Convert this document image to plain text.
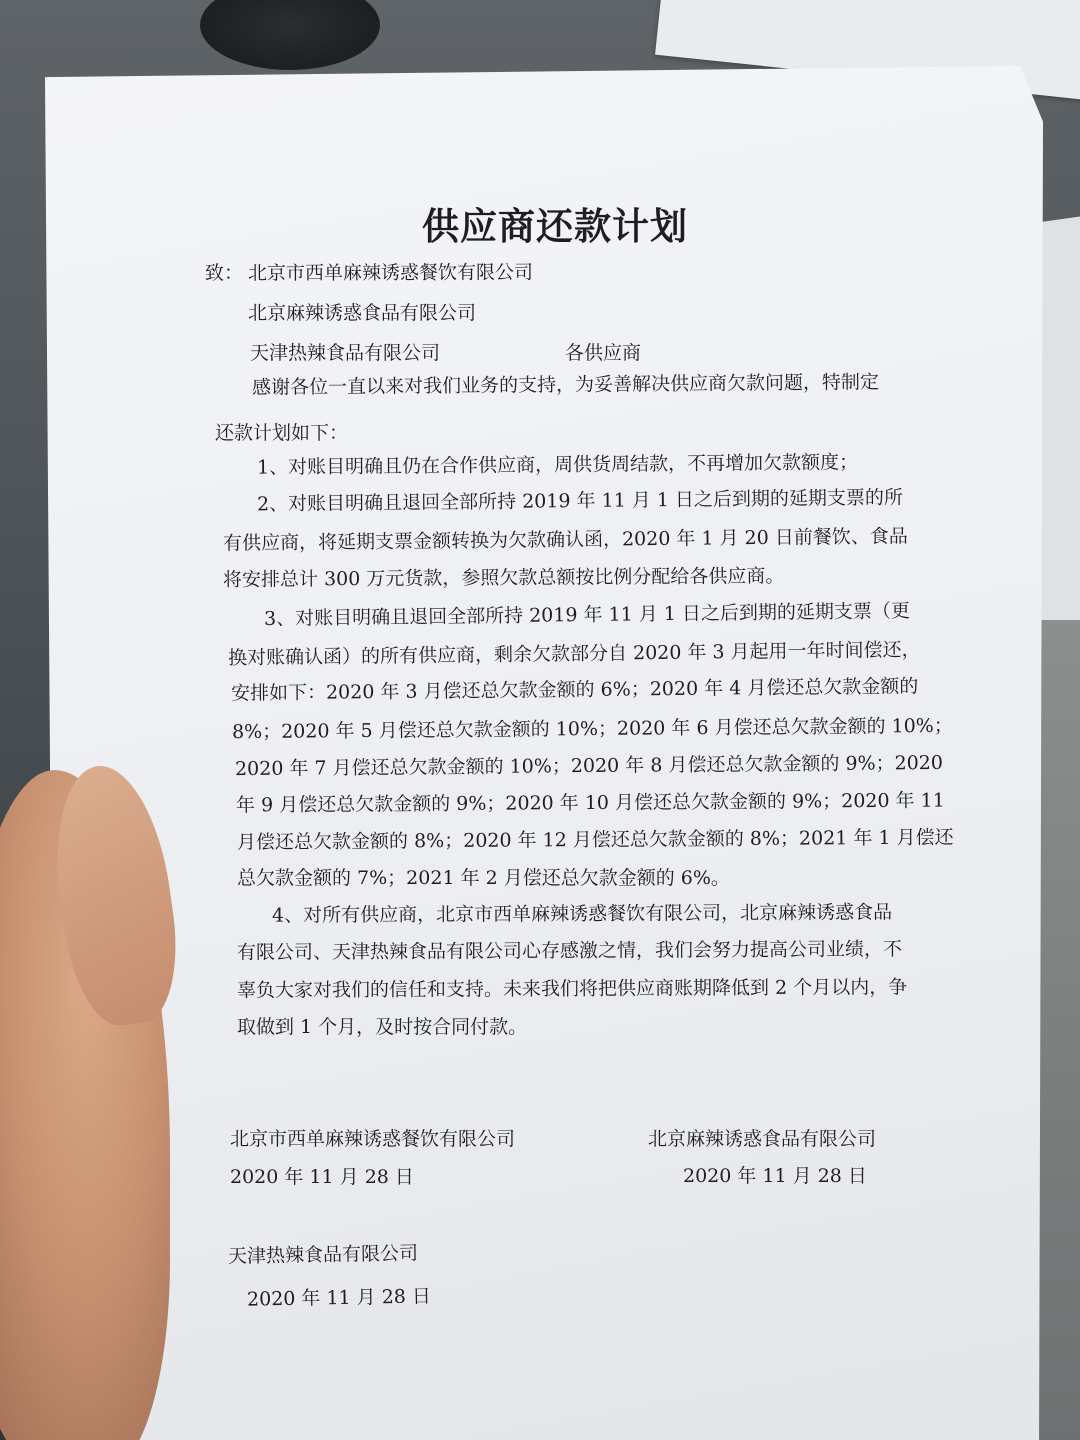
供应商还款计划
致： 北京市西单麻辣诱惑餐饮有限公司
北京麻辣诱惑食品有限公司
天津热辣食品有限公司	各供应商
感谢各位一直以来对我们业务的支持，为妥善解决供应商欠款问题，特制定
还款计划如下：
1、对账目明确且仍在合作供应商，周供货周结款，不再增加欠款额度；
2、对账目明确且退回全部所持 2019 年 11 月 1 日之后到期的延期支票的所
有供应商，将延期支票金额转换为欠款确认函，2020 年 1 月 20 日前餐饮、食品
将安排总计 300 万元货款，参照欠款总额按比例分配给各供应商。
3、对账目明确且退回全部所持 2019 年 11 月 1 日之后到期的延期支票（更
换对账确认函）的所有供应商，剩余欠款部分自 2020 年 3 月起用一年时间偿还，
安排如下：2020 年 3 月偿还总欠款金额的 6%；2020 年 4 月偿还总欠款金额的
8%；2020 年 5 月偿还总欠款金额的 10%；2020 年 6 月偿还总欠款金额的 10%；
2020 年 7 月偿还总欠款金额的 10%；2020 年 8 月偿还总欠款金额的 9%；2020
年 9 月偿还总欠款金额的 9%；2020 年 10 月偿还总欠款金额的 9%；2020 年 11
月偿还总欠款金额的 8%；2020 年 12 月偿还总欠款金额的 8%；2021 年 1 月偿还
总欠款金额的 7%；2021 年 2 月偿还总欠款金额的 6%。
4、对所有供应商，北京市西单麻辣诱惑餐饮有限公司，北京麻辣诱惑食品
有限公司、天津热辣食品有限公司心存感激之情，我们会努力提高公司业绩，不
辜负大家对我们的信任和支持。未来我们将把供应商账期降低到 2 个月以内，争
取做到 1 个月，及时按合同付款。
北京市西单麻辣诱惑餐饮有限公司
2020 年 11 月 28 日
北京麻辣诱惑食品有限公司
2020 年 11 月 28 日
天津热辣食品有限公司
2020 年 11 月 28 日
